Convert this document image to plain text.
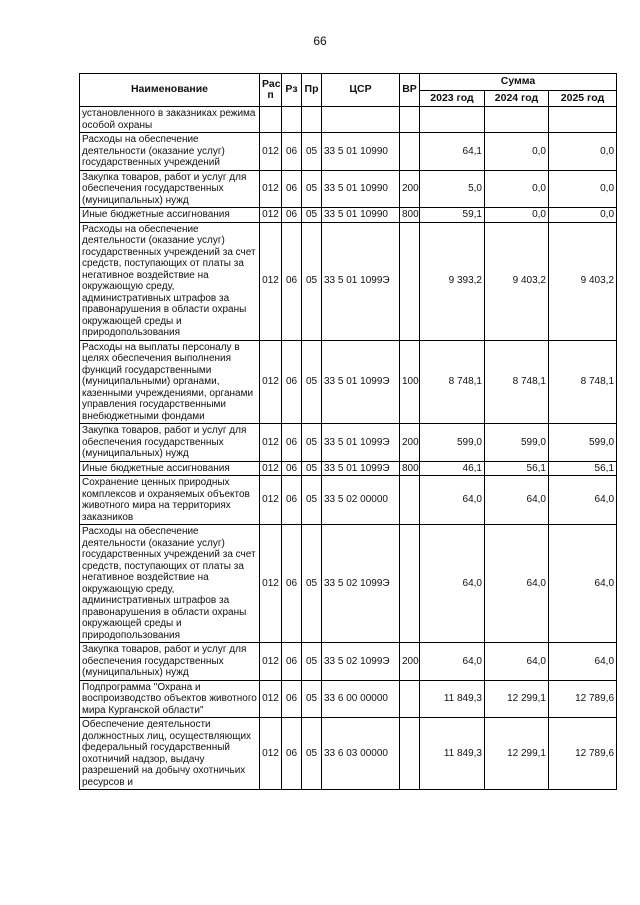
66
Наименование	Рас п	Рз	Пр	ЦСР	ВР	Сумма		
						2023 год	2024 год	2025 год
установленного в заказниках режима особой охраны								
Расходы на обеспечение деятельности (оказание услуг) государственных учреждений	012	06	05	33 5 01 10990		64,1	0,0	0,0
Закупка товаров, работ и услуг для обеспечения государственных (муниципальных) нужд	012	06	05	33 5 01 10990	200	5,0	0,0	0,0
Иные бюджетные ассигнования	012	06	05	33 5 01 10990	800	59,1	0,0	0,0
Расходы на обеспечение деятельности (оказание услуг) государственных учреждений за счет средств, поступающих от платы за негативное воздействие на окружающую среду, административных штрафов за правонарушения в области охраны окружающей среды и природопользования	012	06	05	33 5 01 1099Э		9 393,2	9 403,2	9 403,2
Расходы на выплаты персоналу в целях обеспечения выполнения функций государственными (муниципальными) органами, казенными учреждениями, органами управления государственными внебюджетными фондами	012	06	05	33 5 01 1099Э	100	8 748,1	8 748,1	8 748,1
Закупка товаров, работ и услуг для обеспечения государственных (муниципальных) нужд	012	06	05	33 5 01 1099Э	200	599,0	599,0	599,0
Иные бюджетные ассигнования	012	06	05	33 5 01 1099Э	800	46,1	56,1	56,1
Сохранение ценных природных комплексов и охраняемых объектов животного мира на территориях заказников	012	06	05	33 5 02 00000		64,0	64,0	64,0
Расходы на обеспечение деятельности (оказание услуг) государственных учреждений за счет средств, поступающих от платы за негативное воздействие на окружающую среду, административных штрафов за правонарушения в области охраны окружающей среды и природопользования	012	06	05	33 5 02 1099Э		64,0	64,0	64,0
Закупка товаров, работ и услуг для обеспечения государственных (муниципальных) нужд	012	06	05	33 5 02 1099Э	200	64,0	64,0	64,0
Подпрограмма "Охрана и воспроизводство объектов животного мира Курганской области"	012	06	05	33 6 00 00000		11 849,3	12 299,1	12 789,6
Обеспечение деятельности должностных лиц, осуществляющих федеральный государственный охотничий надзор, выдачу разрешений на добычу охотничьих ресурсов и	012	06	05	33 6 03 00000		11 849,3	12 299,1	12 789,6
